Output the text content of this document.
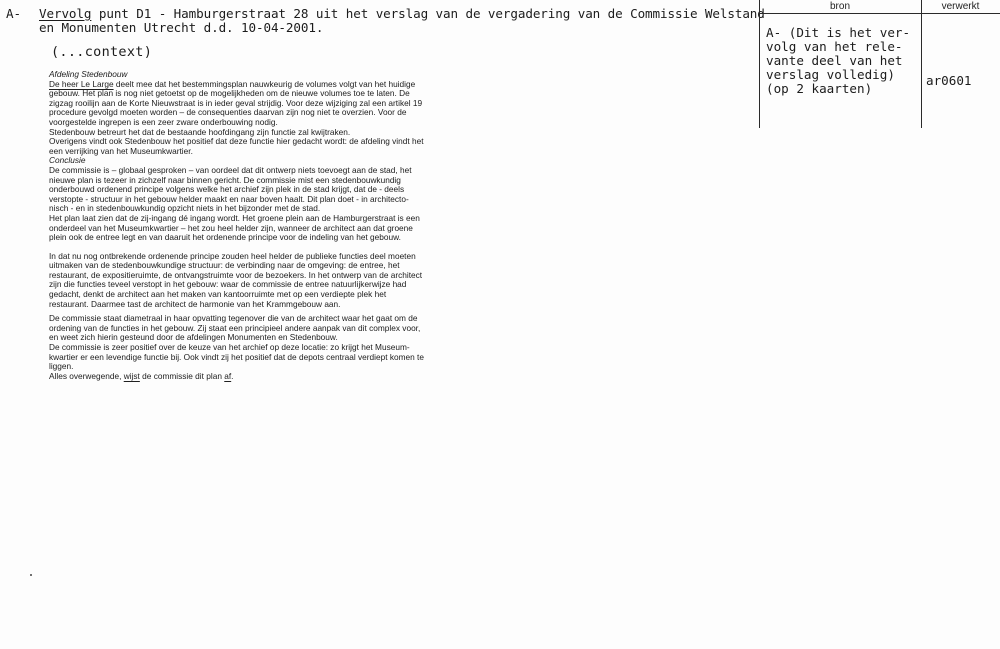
A- Vervolg punt D1 - Hamburgerstraat 28 uit het verslag van de vergadering van de Commissie Welstand
en Monumenten Utrecht d.d. 10-04-2001.
(...context)
Afdeling Stedenbouw
De heer Le Large deelt mee dat het bestemmingsplan nauwkeurig de volumes volgt van het huidige
gebouw. Het plan is nog niet getoetst op de mogelijkheden om de nieuwe volumes toe te laten. De
zigzag rooilijn aan de Korte Nieuwstraat is in ieder geval strijdig. Voor deze wijziging zal een artikel 19
procedure gevolgd moeten worden – de consequenties daarvan zijn nog niet te overzien. Voor de
voorgestelde ingrepen is een zeer zware onderbouwing nodig.
Stedenbouw betreurt het dat de bestaande hoofdingang zijn functie zal kwijtraken.
Overigens vindt ook Stedenbouw het positief dat deze functie hier gedacht wordt: de afdeling vindt het
een verrijking van het Museumkwartier.
Conclusie
De commissie is – globaal gesproken – van oordeel dat dit ontwerp niets toevoegt aan de stad, het
nieuwe plan is tezeer in zichzelf naar binnen gericht. De commissie mist een stedenbouwkundig
onderbouwd ordenend principe volgens welke het archief zijn plek in de stad krijgt, dat de - deels
verstopte - structuur in het gebouw helder maakt en naar boven haalt. Dit plan doet - in architecto-
nisch - en in stedenbouwkundig opzicht niets in het bijzonder met de stad.
Het plan laat zien dat de zij-ingang dé ingang wordt. Het groene plein aan de Hamburgerstraat is een
onderdeel van het Museumkwartier – het zou heel helder zijn, wanneer de architect aan dat groene
plein ook de entree legt en van daaruit het ordenende principe voor de indeling van het gebouw.
In dat nu nog ontbrekende ordenende principe zouden heel helder de publieke functies deel moeten
uitmaken van de stedenbouwkundige structuur: de verbinding naar de omgeving: de entree, het
restaurant, de expositieruimte, de ontvangstruimte voor de bezoekers. In het ontwerp van de architect
zijn die functies teveel verstopt in het gebouw: waar de commissie de entree natuurlijkerwijze had
gedacht, denkt de architect aan het maken van kantoorruimte met op een verdiepte plek het
restaurant. Daarmee tast de architect de harmonie van het Krammgebouw aan.
De commissie staat diametraal in haar opvatting tegenover die van de architect waar het gaat om de
ordening van de functies in het gebouw. Zij staat een principieel andere aanpak van dit complex voor,
en weet zich hierin gesteund door de afdelingen Monumenten en Stedenbouw.
De commissie is zeer positief over de keuze van het archief op deze locatie: zo krijgt het Museum-
kwartier er een levendige functie bij. Ook vindt zij het positief dat de depots centraal verdiept komen te
liggen.
Alles overwegende, wijst de commissie dit plan af.
bron	verwerkt
A- (Dit is het ver-
volg van het rele-
vante deel van het
verslag volledig)
(op 2 kaarten)
ar0601
